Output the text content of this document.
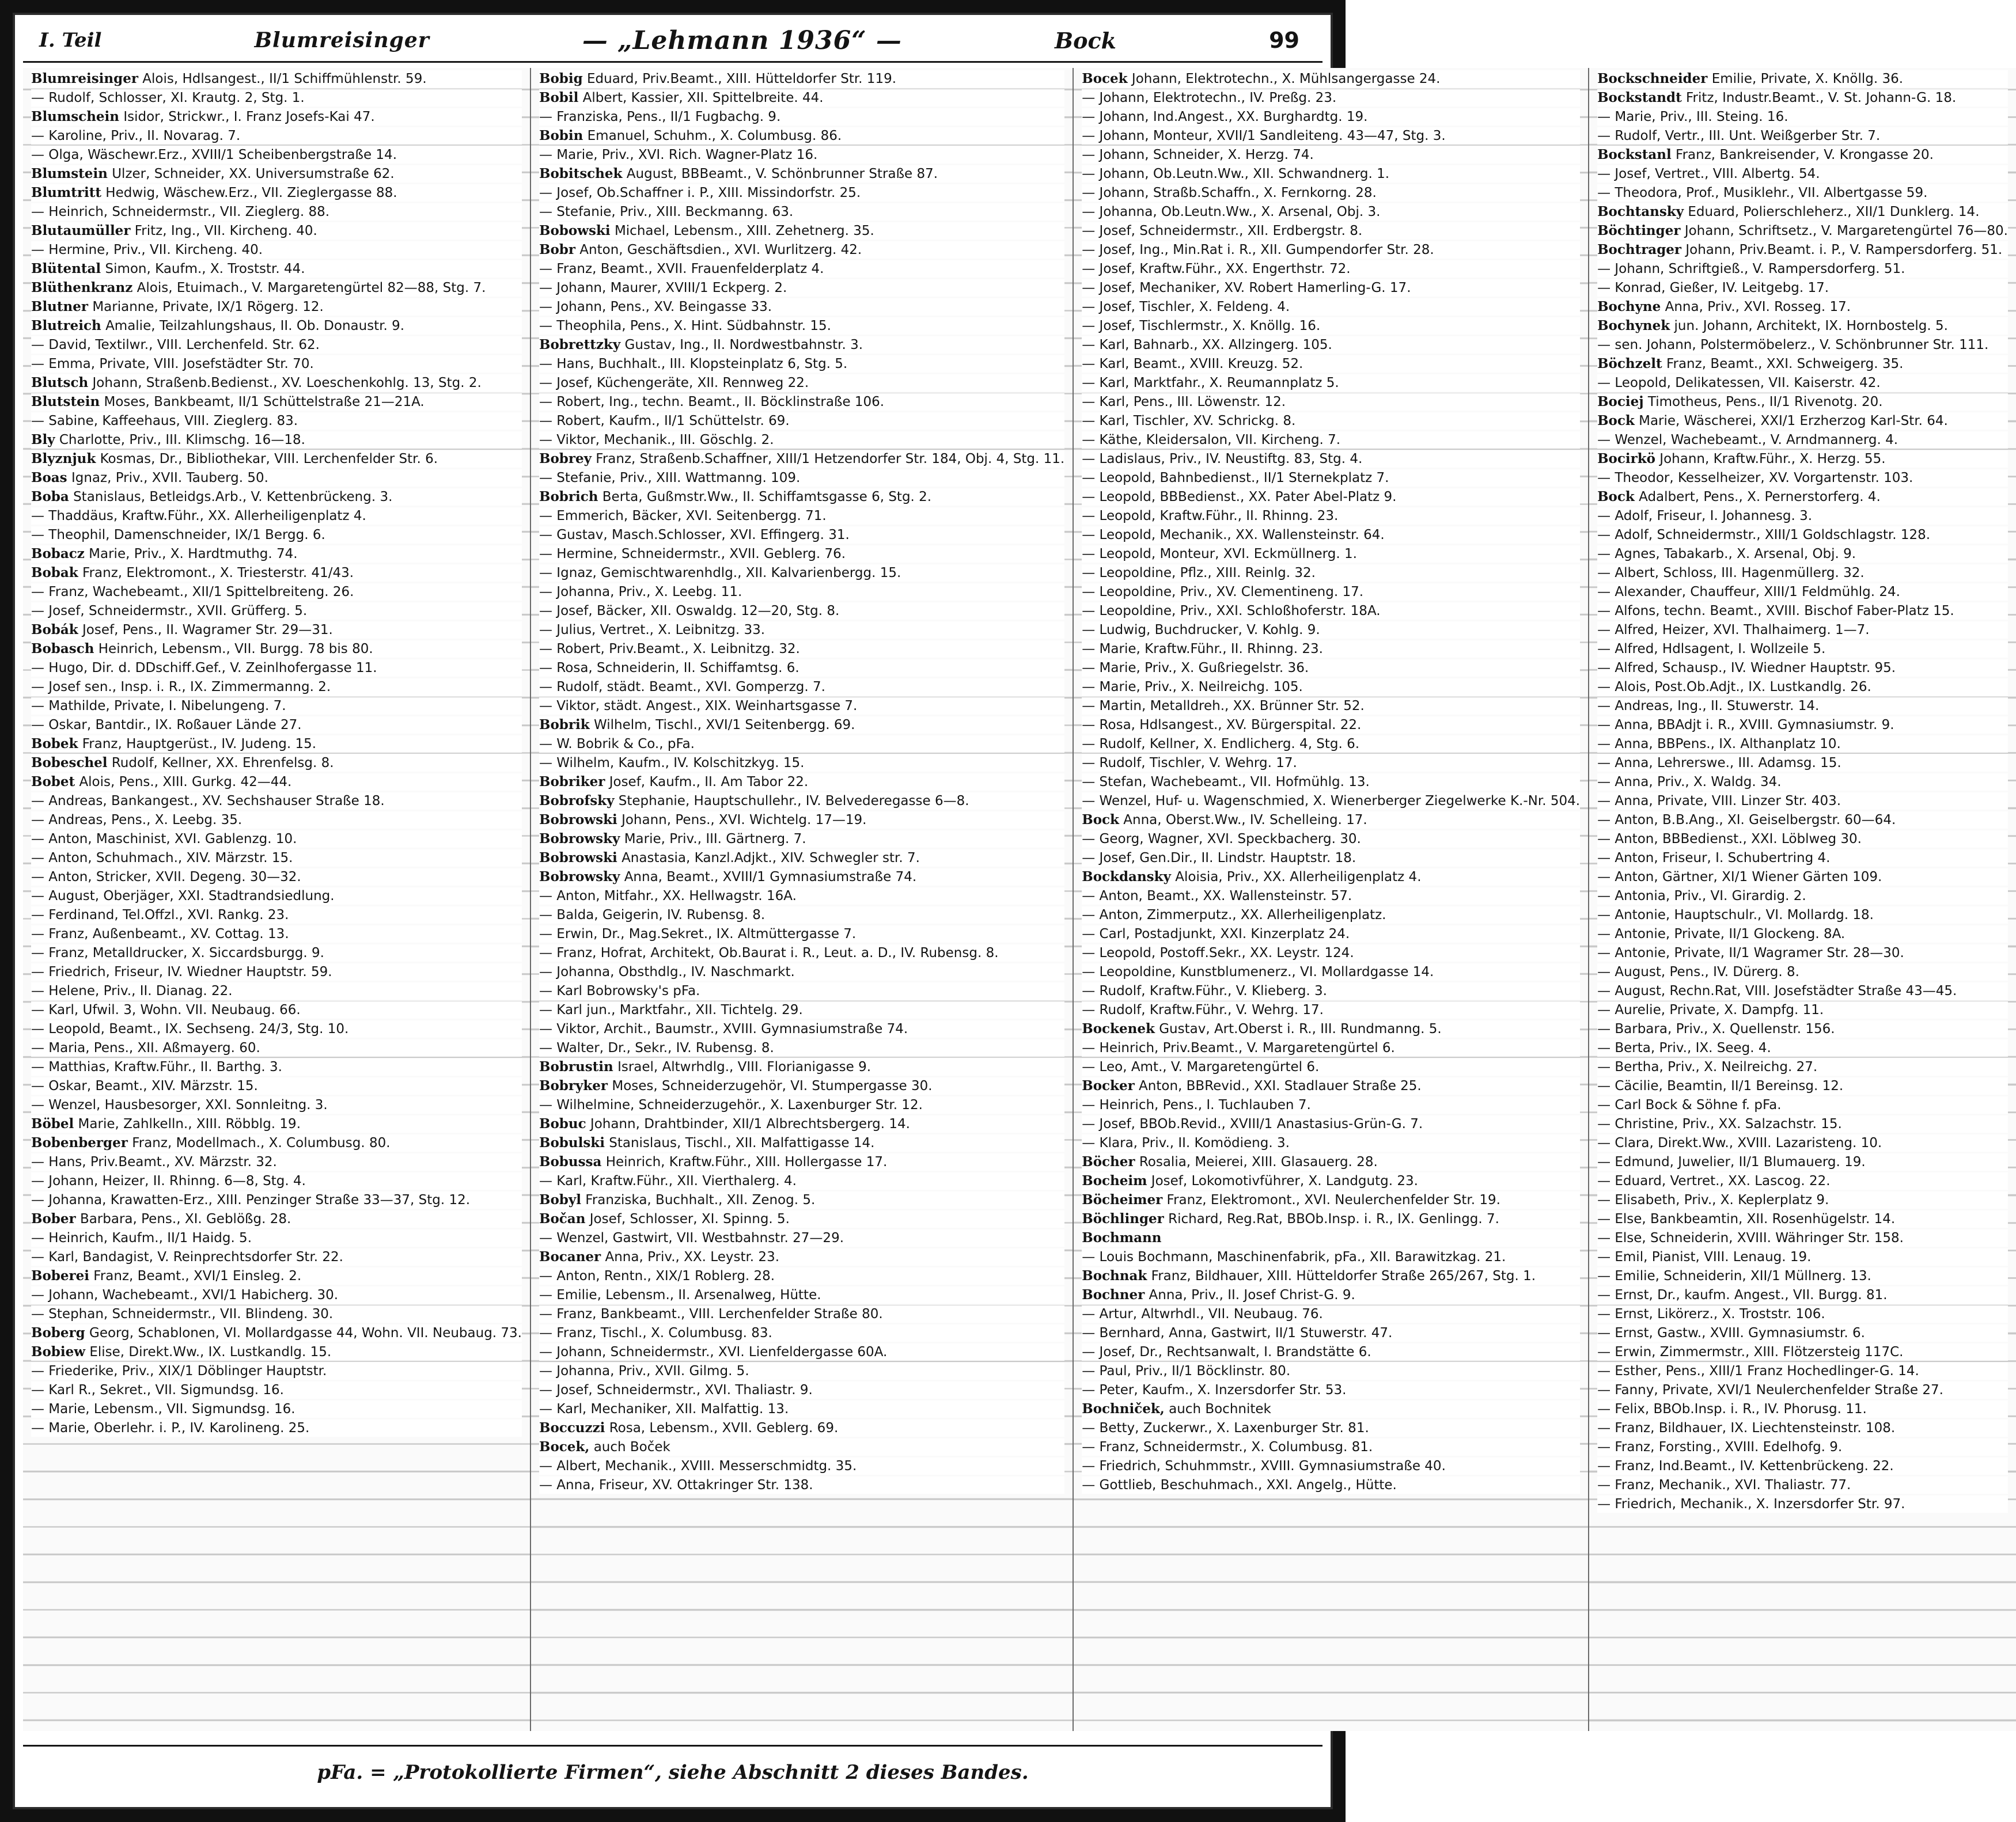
I. Teil	Blumreisinger	— „Lehmann 1936“ —	Bock	99
Blumreisinger Alois, Hdlsangest., II/1 Schiffmühlenstr. 59.
— Rudolf, Schlosser, XI. Krautg. 2, Stg. 1.
Blumschein Isidor, Strickwr., I. Franz Josefs-Kai 47.
— Karoline, Priv., II. Novarag. 7.
— Olga, Wäschewr.Erz., XVIII/1 Scheibenbergstraße 14.
Blumstein Ulzer, Schneider, XX. Universumstraße 62.
Blumtritt Hedwig, Wäschew.Erz., VII. Zieglergasse 88.
— Heinrich, Schneidermstr., VII. Zieglerg. 88.
Blutaumüller Fritz, Ing., VII. Kircheng. 40.
— Hermine, Priv., VII. Kircheng. 40.
Blütental Simon, Kaufm., X. Troststr. 44.
Blüthenkranz Alois, Etuimach., V. Margaretengürtel 82—88, Stg. 7.
Blutner Marianne, Private, IX/1 Rögerg. 12.
Blutreich Amalie, Teilzahlungshaus, II. Ob. Donaustr. 9.
— David, Textilwr., VIII. Lerchenfeld. Str. 62.
— Emma, Private, VIII. Josefstädter Str. 70.
Blutsch Johann, Straßenb.Bedienst., XV. Loeschenkohlg. 13, Stg. 2.
Blutstein Moses, Bankbeamt, II/1 Schüttelstraße 21—21A.
— Sabine, Kaffeehaus, VIII. Zieglerg. 83.
Bly Charlotte, Priv., III. Klimschg. 16—18.
Blyznjuk Kosmas, Dr., Bibliothekar, VIII. Lerchenfelder Str. 6.
Boas Ignaz, Priv., XVII. Tauberg. 50.
Boba Stanislaus, Betleidgs.Arb., V. Kettenbrückeng. 3.
— Thaddäus, Kraftw.Führ., XX. Allerheiligenplatz 4.
— Theophil, Damenschneider, IX/1 Bergg. 6.
Bobacz Marie, Priv., X. Hardtmuthg. 74.
Bobak Franz, Elektromont., X. Triesterstr. 41/43.
— Franz, Wachebeamt., XII/1 Spittelbreiteng. 26.
— Josef, Schneidermstr., XVII. Grüfferg. 5.
Bobák Josef, Pens., II. Wagramer Str. 29—31.
Bobasch Heinrich, Lebensm., VII. Burgg. 78 bis 80.
— Hugo, Dir. d. DDschiff.Gef., V. Zeinlhofergasse 11.
— Josef sen., Insp. i. R., IX. Zimmermanng. 2.
— Mathilde, Private, I. Nibelungeng. 7.
— Oskar, Bantdir., IX. Roßauer Lände 27.
Bobek Franz, Hauptgerüst., IV. Judeng. 15.
Bobeschel Rudolf, Kellner, XX. Ehrenfelsg. 8.
Bobet Alois, Pens., XIII. Gurkg. 42—44.
— Andreas, Bankangest., XV. Sechshauser Straße 18.
— Andreas, Pens., X. Leebg. 35.
— Anton, Maschinist, XVI. Gablenzg. 10.
— Anton, Schuhmach., XIV. Märzstr. 15.
— Anton, Stricker, XVII. Degeng. 30—32.
— August, Oberjäger, XXI. Stadtrandsiedlung.
— Ferdinand, Tel.Offzl., XVI. Rankg. 23.
— Franz, Außenbeamt., XV. Cottag. 13.
— Franz, Metalldrucker, X. Siccardsburgg. 9.
— Friedrich, Friseur, IV. Wiedner Hauptstr. 59.
— Helene, Priv., II. Dianag. 22.
— Karl, Ufwil. 3, Wohn. VII. Neubaug. 66.
— Leopold, Beamt., IX. Sechseng. 24/3, Stg. 10.
— Maria, Pens., XII. Aßmayerg. 60.
— Matthias, Kraftw.Führ., II. Barthg. 3.
— Oskar, Beamt., XIV. Märzstr. 15.
— Wenzel, Hausbesorger, XXI. Sonnleitng. 3.
Böbel Marie, Zahlkelln., XIII. Röbblg. 19.
Bobenberger Franz, Modellmach., X. Columbusg. 80.
— Hans, Priv.Beamt., XV. Märzstr. 32.
— Johann, Heizer, II. Rhinng. 6—8, Stg. 4.
— Johanna, Krawatten-Erz., XIII. Penzinger Straße 33—37, Stg. 12.
Bober Barbara, Pens., XI. Geblößg. 28.
— Heinrich, Kaufm., II/1 Haidg. 5.
— Karl, Bandagist, V. Reinprechtsdorfer Str. 22.
Boberei Franz, Beamt., XVI/1 Einsleg. 2.
— Johann, Wachebeamt., XVI/1 Habicherg. 30.
— Stephan, Schneidermstr., VII. Blindeng. 30.
Boberg Georg, Schablonen, VI. Mollardgasse 44, Wohn. VII. Neubaug. 73.
Bobiew Elise, Direkt.Ww., IX. Lustkandlg. 15.
— Friederike, Priv., XIX/1 Döblinger Hauptstr.
— Karl R., Sekret., VII. Sigmundsg. 16.
— Marie, Lebensm., VII. Sigmundsg. 16.
— Marie, Oberlehr. i. P., IV. Karolineng. 25.
Bobig Eduard, Priv.Beamt., XIII. Hütteldorfer Str. 119.
Bobil Albert, Kassier, XII. Spittelbreite. 44.
— Franziska, Pens., II/1 Fugbachg. 9.
Bobin Emanuel, Schuhm., X. Columbusg. 86.
— Marie, Priv., XVI. Rich. Wagner-Platz 16.
Bobitschek August, BBBeamt., V. Schönbrunner Straße 87.
— Josef, Ob.Schaffner i. P., XIII. Missindorfstr. 25.
— Stefanie, Priv., XIII. Beckmanng. 63.
Bobowski Michael, Lebensm., XIII. Zehetnerg. 35.
Bobr Anton, Geschäftsdien., XVI. Wurlitzerg. 42.
— Franz, Beamt., XVII. Frauenfelderplatz 4.
— Johann, Maurer, XVIII/1 Eckperg. 2.
— Johann, Pens., XV. Beingasse 33.
— Theophila, Pens., X. Hint. Südbahnstr. 15.
Bobrettzky Gustav, Ing., II. Nordwestbahnstr. 3.
— Hans, Buchhalt., III. Klopsteinplatz 6, Stg. 5.
— Josef, Küchengeräte, XII. Rennweg 22.
— Robert, Ing., techn. Beamt., II. Böcklinstraße 106.
— Robert, Kaufm., II/1 Schüttelstr. 69.
— Viktor, Mechanik., III. Göschlg. 2.
Bobrey Franz, Straßenb.Schaffner, XIII/1 Hetzendorfer Str. 184, Obj. 4, Stg. 11.
— Stefanie, Priv., XIII. Wattmanng. 109.
Bobrich Berta, Gußmstr.Ww., II. Schiffamtsgasse 6, Stg. 2.
— Emmerich, Bäcker, XVI. Seitenbergg. 71.
— Gustav, Masch.Schlosser, XVI. Effingerg. 31.
— Hermine, Schneidermstr., XVII. Geblerg. 76.
— Ignaz, Gemischtwarenhdlg., XII. Kalvarienbergg. 15.
— Johanna, Priv., X. Leebg. 11.
— Josef, Bäcker, XII. Oswaldg. 12—20, Stg. 8.
— Julius, Vertret., X. Leibnitzg. 33.
— Robert, Priv.Beamt., X. Leibnitzg. 32.
— Rosa, Schneiderin, II. Schiffamtsg. 6.
— Rudolf, städt. Beamt., XVI. Gomperzg. 7.
— Viktor, städt. Angest., XIX. Weinhartsgasse 7.
Bobrik Wilhelm, Tischl., XVI/1 Seitenbergg. 69.
— W. Bobrik & Co., pFa.
— Wilhelm, Kaufm., IV. Kolschitzkyg. 15.
Bobriker Josef, Kaufm., II. Am Tabor 22.
Bobrofsky Stephanie, Hauptschullehr., IV. Belvederegasse 6—8.
Bobrowski Johann, Pens., XVI. Wichtelg. 17—19.
Bobrowsky Marie, Priv., III. Gärtnerg. 7.
Bobrowski Anastasia, Kanzl.Adjkt., XIV. Schwegler str. 7.
Bobrowsky Anna, Beamt., XVIII/1 Gymnasiumstraße 74.
— Anton, Mitfahr., XX. Hellwagstr. 16A.
— Balda, Geigerin, IV. Rubensg. 8.
— Erwin, Dr., Mag.Sekret., IX. Altmüttergasse 7.
— Franz, Hofrat, Architekt, Ob.Baurat i. R., Leut. a. D., IV. Rubensg. 8.
— Johanna, Obsthdlg., IV. Naschmarkt.
— Karl Bobrowsky's pFa.
— Karl jun., Marktfahr., XII. Tichtelg. 29.
— Viktor, Archit., Baumstr., XVIII. Gymnasiumstraße 74.
— Walter, Dr., Sekr., IV. Rubensg. 8.
Bobrustin Israel, Altwrhdlg., VIII. Florianigasse 9.
Bobryker Moses, Schneiderzugehör, VI. Stumpergasse 30.
— Wilhelmine, Schneiderzugehör., X. Laxenburger Str. 12.
Bobuc Johann, Drahtbinder, XII/1 Albrechtsbergerg. 14.
Bobulski Stanislaus, Tischl., XII. Malfattigasse 14.
Bobussa Heinrich, Kraftw.Führ., XIII. Hollergasse 17.
— Karl, Kraftw.Führ., XII. Vierthalerg. 4.
Bobyl Franziska, Buchhalt., XII. Zenog. 5.
Bočan Josef, Schlosser, XI. Spinng. 5.
— Wenzel, Gastwirt, VII. Westbahnstr. 27—29.
Bocaner Anna, Priv., XX. Leystr. 23.
— Anton, Rentn., XIX/1 Roblerg. 28.
— Emilie, Lebensm., II. Arsenalweg, Hütte.
— Franz, Bankbeamt., VIII. Lerchenfelder Straße 80.
— Franz, Tischl., X. Columbusg. 83.
— Johann, Schneidermstr., XVI. Lienfeldergasse 60A.
— Johanna, Priv., XVII. Gilmg. 5.
— Josef, Schneidermstr., XVI. Thaliastr. 9.
— Karl, Mechaniker, XII. Malfattig. 13.
Boccuzzi Rosa, Lebensm., XVII. Geblerg. 69.
Bocek, auch Boček
— Albert, Mechanik., XVIII. Messerschmidtg. 35.
— Anna, Friseur, XV. Ottakringer Str. 138.
Bocek Johann, Elektrotechn., X. Mühlsangergasse 24.
— Johann, Elektrotechn., IV. Preßg. 23.
— Johann, Ind.Angest., XX. Burghardtg. 19.
— Johann, Monteur, XVII/1 Sandleiteng. 43—47, Stg. 3.
— Johann, Schneider, X. Herzg. 74.
— Johann, Ob.Leutn.Ww., XII. Schwandnerg. 1.
— Johann, Straßb.Schaffn., X. Fernkorng. 28.
— Johanna, Ob.Leutn.Ww., X. Arsenal, Obj. 3.
— Josef, Schneidermstr., XII. Erdbergstr. 8.
— Josef, Ing., Min.Rat i. R., XII. Gumpendorfer Str. 28.
— Josef, Kraftw.Führ., XX. Engerthstr. 72.
— Josef, Mechaniker, XV. Robert Hamerling-G. 17.
— Josef, Tischler, X. Feldeng. 4.
— Josef, Tischlermstr., X. Knöllg. 16.
— Karl, Bahnarb., XX. Allzingerg. 105.
— Karl, Beamt., XVIII. Kreuzg. 52.
— Karl, Marktfahr., X. Reumannplatz 5.
— Karl, Pens., III. Löwenstr. 12.
— Karl, Tischler, XV. Schrickg. 8.
— Käthe, Kleidersalon, VII. Kircheng. 7.
— Ladislaus, Priv., IV. Neustiftg. 83, Stg. 4.
— Leopold, Bahnbedienst., II/1 Sternekplatz 7.
— Leopold, BBBedienst., XX. Pater Abel-Platz 9.
— Leopold, Kraftw.Führ., II. Rhinng. 23.
— Leopold, Mechanik., XX. Wallensteinstr. 64.
— Leopold, Monteur, XVI. Eckmüllnerg. 1.
— Leopoldine, Pflz., XIII. Reinlg. 32.
— Leopoldine, Priv., XV. Clementineng. 17.
— Leopoldine, Priv., XXI. Schloßhoferstr. 18A.
— Ludwig, Buchdrucker, V. Kohlg. 9.
— Marie, Kraftw.Führ., II. Rhinng. 23.
— Marie, Priv., X. Gußriegelstr. 36.
— Marie, Priv., X. Neilreichg. 105.
— Martin, Metalldreh., XX. Brünner Str. 52.
— Rosa, Hdlsangest., XV. Bürgerspital. 22.
— Rudolf, Kellner, X. Endlicherg. 4, Stg. 6.
— Rudolf, Tischler, V. Wehrg. 17.
— Stefan, Wachebeamt., VII. Hofmühlg. 13.
— Wenzel, Huf- u. Wagenschmied, X. Wienerberger Ziegelwerke K.-Nr. 504.
Bock Anna, Oberst.Ww., IV. Schelleing. 17.
— Georg, Wagner, XVI. Speckbacherg. 30.
— Josef, Gen.Dir., II. Lindstr. Hauptstr. 18.
Bockdansky Aloisia, Priv., XX. Allerheiligenplatz 4.
— Anton, Beamt., XX. Wallensteinstr. 57.
— Anton, Zimmerputz., XX. Allerheiligenplatz.
— Carl, Postadjunkt, XXI. Kinzerplatz 24.
— Leopold, Postoff.Sekr., XX. Leystr. 124.
— Leopoldine, Kunstblumenerz., VI. Mollardgasse 14.
— Rudolf, Kraftw.Führ., V. Klieberg. 3.
— Rudolf, Kraftw.Führ., V. Wehrg. 17.
Bockenek Gustav, Art.Oberst i. R., III. Rundmanng. 5.
— Heinrich, Priv.Beamt., V. Margaretengürtel 6.
— Leo, Amt., V. Margaretengürtel 6.
Bocker Anton, BBRevid., XXI. Stadlauer Straße 25.
— Heinrich, Pens., I. Tuchlauben 7.
— Josef, BBOb.Revid., XVIII/1 Anastasius-Grün-G. 7.
— Klara, Priv., II. Komödieng. 3.
Böcher Rosalia, Meierei, XIII. Glasauerg. 28.
Bocheim Josef, Lokomotivführer, X. Landgutg. 23.
Böcheimer Franz, Elektromont., XVI. Neulerchenfelder Str. 19.
Böchlinger Richard, Reg.Rat, BBOb.Insp. i. R., IX. Genlingg. 7.
Bochmann
— Louis Bochmann, Maschinenfabrik, pFa., XII. Barawitzkag. 21.
Bochnak Franz, Bildhauer, XIII. Hütteldorfer Straße 265/267, Stg. 1.
Bochner Anna, Priv., II. Josef Christ-G. 9.
— Artur, Altwrhdl., VII. Neubaug. 76.
— Bernhard, Anna, Gastwirt, II/1 Stuwerstr. 47.
— Josef, Dr., Rechtsanwalt, I. Brandstätte 6.
— Paul, Priv., II/1 Böcklinstr. 80.
— Peter, Kaufm., X. Inzersdorfer Str. 53.
Bochniček, auch Bochnitek
— Betty, Zuckerwr., X. Laxenburger Str. 81.
— Franz, Schneidermstr., X. Columbusg. 81.
— Friedrich, Schuhmmstr., XVIII. Gymnasiumstraße 40.
— Gottlieb, Beschuhmach., XXI. Angelg., Hütte.
Bockschneider Emilie, Private, X. Knöllg. 36.
Bockstandt Fritz, Industr.Beamt., V. St. Johann-G. 18.
— Marie, Priv., III. Steing. 16.
— Rudolf, Vertr., III. Unt. Weißgerber Str. 7.
Bockstanl Franz, Bankreisender, V. Krongasse 20.
— Josef, Vertret., VIII. Albertg. 54.
— Theodora, Prof., Musiklehr., VII. Albertgasse 59.
Bochtansky Eduard, Polierschleherz., XII/1 Dunklerg. 14.
Böchtinger Johann, Schriftsetz., V. Margaretengürtel 76—80.
Bochtrager Johann, Priv.Beamt. i. P., V. Rampersdorferg. 51.
— Johann, Schriftgieß., V. Rampersdorferg. 51.
— Konrad, Gießer, IV. Leitgebg. 17.
Bochyne Anna, Priv., XVI. Rosseg. 17.
Bochynek jun. Johann, Architekt, IX. Hornbostelg. 5.
— sen. Johann, Polstermöbelerz., V. Schönbrunner Str. 111.
Böchzelt Franz, Beamt., XXI. Schweigerg. 35.
— Leopold, Delikatessen, VII. Kaiserstr. 42.
Bociej Timotheus, Pens., II/1 Rivenotg. 20.
Bock Marie, Wäscherei, XXI/1 Erzherzog Karl-Str. 64.
— Wenzel, Wachebeamt., V. Arndmannerg. 4.
Bocirkö Johann, Kraftw.Führ., X. Herzg. 55.
— Theodor, Kesselheizer, XV. Vorgartenstr. 103.
Bock Adalbert, Pens., X. Pernerstorferg. 4.
— Adolf, Friseur, I. Johannesg. 3.
— Adolf, Schneidermstr., XIII/1 Goldschlagstr. 128.
— Agnes, Tabakarb., X. Arsenal, Obj. 9.
— Albert, Schloss, III. Hagenmüllerg. 32.
— Alexander, Chauffeur, XIII/1 Feldmühlg. 24.
— Alfons, techn. Beamt., XVIII. Bischof Faber-Platz 15.
— Alfred, Heizer, XVI. Thalhaimerg. 1—7.
— Alfred, Hdlsagent, I. Wollzeile 5.
— Alfred, Schausp., IV. Wiedner Hauptstr. 95.
— Alois, Post.Ob.Adjt., IX. Lustkandlg. 26.
— Andreas, Ing., II. Stuwerstr. 14.
— Anna, BBAdjt i. R., XVIII. Gymnasiumstr. 9.
— Anna, BBPens., IX. Althanplatz 10.
— Anna, Lehrerswe., III. Adamsg. 15.
— Anna, Priv., X. Waldg. 34.
— Anna, Private, VIII. Linzer Str. 403.
— Anton, B.B.Ang., XI. Geiselbergstr. 60—64.
— Anton, BBBedienst., XXI. Löblweg 30.
— Anton, Friseur, I. Schubertring 4.
— Anton, Gärtner, XI/1 Wiener Gärten 109.
— Antonia, Priv., VI. Girardig. 2.
— Antonie, Hauptschulr., VI. Mollardg. 18.
— Antonie, Private, II/1 Glockeng. 8A.
— Antonie, Private, II/1 Wagramer Str. 28—30.
— August, Pens., IV. Dürerg. 8.
— August, Rechn.Rat, VIII. Josefstädter Straße 43—45.
— Aurelie, Private, X. Dampfg. 11.
— Barbara, Priv., X. Quellenstr. 156.
— Berta, Priv., IX. Seeg. 4.
— Bertha, Priv., X. Neilreichg. 27.
— Cäcilie, Beamtin, II/1 Bereinsg. 12.
— Carl Bock & Söhne f. pFa.
— Christine, Priv., XX. Salzachstr. 15.
— Clara, Direkt.Ww., XVIII. Lazaristeng. 10.
— Edmund, Juwelier, II/1 Blumauerg. 19.
— Eduard, Vertret., XX. Lascog. 22.
— Elisabeth, Priv., X. Keplerplatz 9.
— Else, Bankbeamtin, XII. Rosenhügelstr. 14.
— Else, Schneiderin, XVIII. Währinger Str. 158.
— Emil, Pianist, VIII. Lenaug. 19.
— Emilie, Schneiderin, XII/1 Müllnerg. 13.
— Ernst, Dr., kaufm. Angest., VII. Burgg. 81.
— Ernst, Likörerz., X. Troststr. 106.
— Ernst, Gastw., XVIII. Gymnasiumstr. 6.
— Erwin, Zimmermstr., XIII. Flötzersteig 117C.
— Esther, Pens., XIII/1 Franz Hochedlinger-G. 14.
— Fanny, Private, XVI/1 Neulerchenfelder Straße 27.
— Felix, BBOb.Insp. i. R., IV. Phorusg. 11.
— Franz, Bildhauer, IX. Liechtensteinstr. 108.
— Franz, Forsting., XVIII. Edelhofg. 9.
— Franz, Ind.Beamt., IV. Kettenbrückeng. 22.
— Franz, Mechanik., XVI. Thaliastr. 77.
— Friedrich, Mechanik., X. Inzersdorfer Str. 97.
pFa. = „Protokollierte Firmen“, siehe Abschnitt 2 dieses Bandes.
